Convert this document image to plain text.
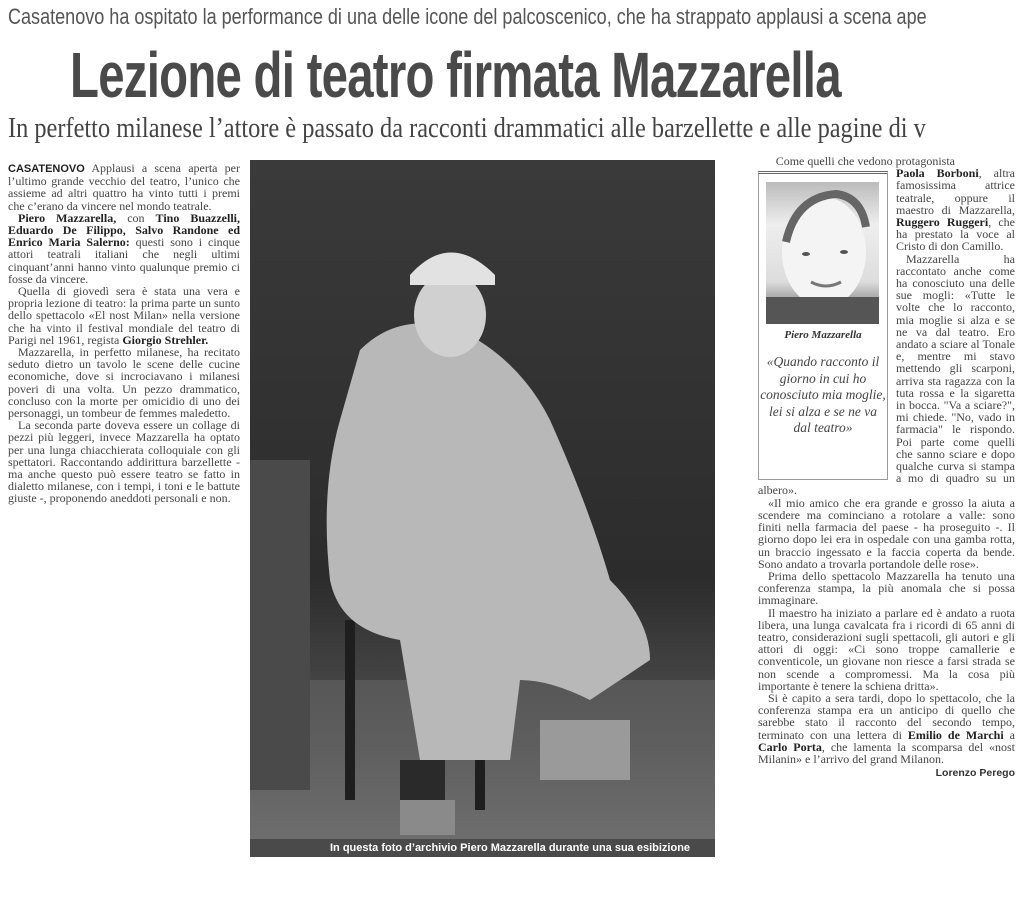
Casatenovo ha ospitato la performance di una delle icone del palcoscenico, che ha strappato applausi a scena ape
Lezione di teatro firmata Mazzarella
In perfetto milanese l’attore è passato da racconti drammatici alle barzellette e alle pagine di v

CASATENOVO Applausi a scena aperta per l’ultimo grande vecchio del teatro, l’unico che assieme ad altri quattro ha vinto tutti i premi che c’erano da vincere nel mondo teatrale.

Piero Mazzarella, con Tino Buazzelli, Eduardo De Filippo, Salvo Randone ed Enrico Maria Salerno: questi sono i cinque attori teatrali italiani che negli ultimi cinquant’anni hanno vinto qualunque premio ci fosse da vincere.

Quella di giovedì sera è stata una vera e propria lezione di teatro: la prima parte un sunto dello spettacolo «El nost Milan» nella versione che ha vinto il festival mondiale del teatro di Parigi nel 1961, regista Giorgio Strehler.

Mazzarella, in perfetto milanese, ha recitato seduto dietro un tavolo le scene delle cucine economiche, dove si incrociavano i milanesi poveri di una volta. Un pezzo drammatico, concluso con la morte per omicidio di uno dei personaggi, un tombeur de femmes maledetto.

La seconda parte doveva essere un collage di pezzi più leggeri, invece Mazzarella ha optato per una lunga chiacchierata colloquiale con gli spettatori. Raccontando addirittura barzellette - ma anche questo può essere teatro se fatto in dialetto milanese, con i tempi, i toni e le battute giuste -, proponendo aneddoti personali e non.

In questa foto d’archivio Piero Mazzarella durante una sua esibizione

Come quelli che vedono protagonista

Piero Mazzarella
«Quando racconto il giorno in cui ho conosciuto mia moglie, lei si alza e se ne va dal teatro»

Paola Borboni, altra famosissima attrice teatrale, oppure il maestro di Mazzarella, Ruggero Ruggeri, che ha prestato la voce al Cristo di don Camillo.

Mazzarella ha raccontato anche come ha conosciuto una delle sue mogli: «Tutte le volte che lo racconto, mia moglie si alza e se ne va dal teatro. Ero andato a sciare al Tonale e, mentre mi stavo mettendo gli scarponi, arriva sta ragazza con la tuta rossa e la sigaretta in bocca. "Va a sciare?", mi chiede. "No, vado in farmacia" le rispondo. Poi parte come quelli che sanno sciare e dopo qualche curva si stampa a mo di quadro su un albero».

«Il mio amico che era grande e grosso la aiuta a scendere ma cominciano a rotolare a valle: sono finiti nella farmacia del paese - ha proseguito -. Il giorno dopo lei era in ospedale con una gamba rotta, un braccio ingessato e la faccia coperta da bende. Sono andato a trovarla portandole delle rose».

Prima dello spettacolo Mazzarella ha tenuto una conferenza stampa, la più anomala che si possa immaginare.

Il maestro ha iniziato a parlare ed è andato a ruota libera, una lunga cavalcata fra i ricordi di 65 anni di teatro, considerazioni sugli spettacoli, gli autori e gli attori di oggi: «Ci sono troppe camallerie e conventicole, un giovane non riesce a farsi strada se non scende a compromessi. Ma la cosa più importante è tenere la schiena dritta».

Si è capito a sera tardi, dopo lo spettacolo, che la conferenza stampa era un anticipo di quello che sarebbe stato il racconto del secondo tempo, terminato con una lettera di Emilio de Marchi a Carlo Porta, che lamenta la scomparsa del «nost Milanin» e l’arrivo del grand Milanon.

Lorenzo Perego
